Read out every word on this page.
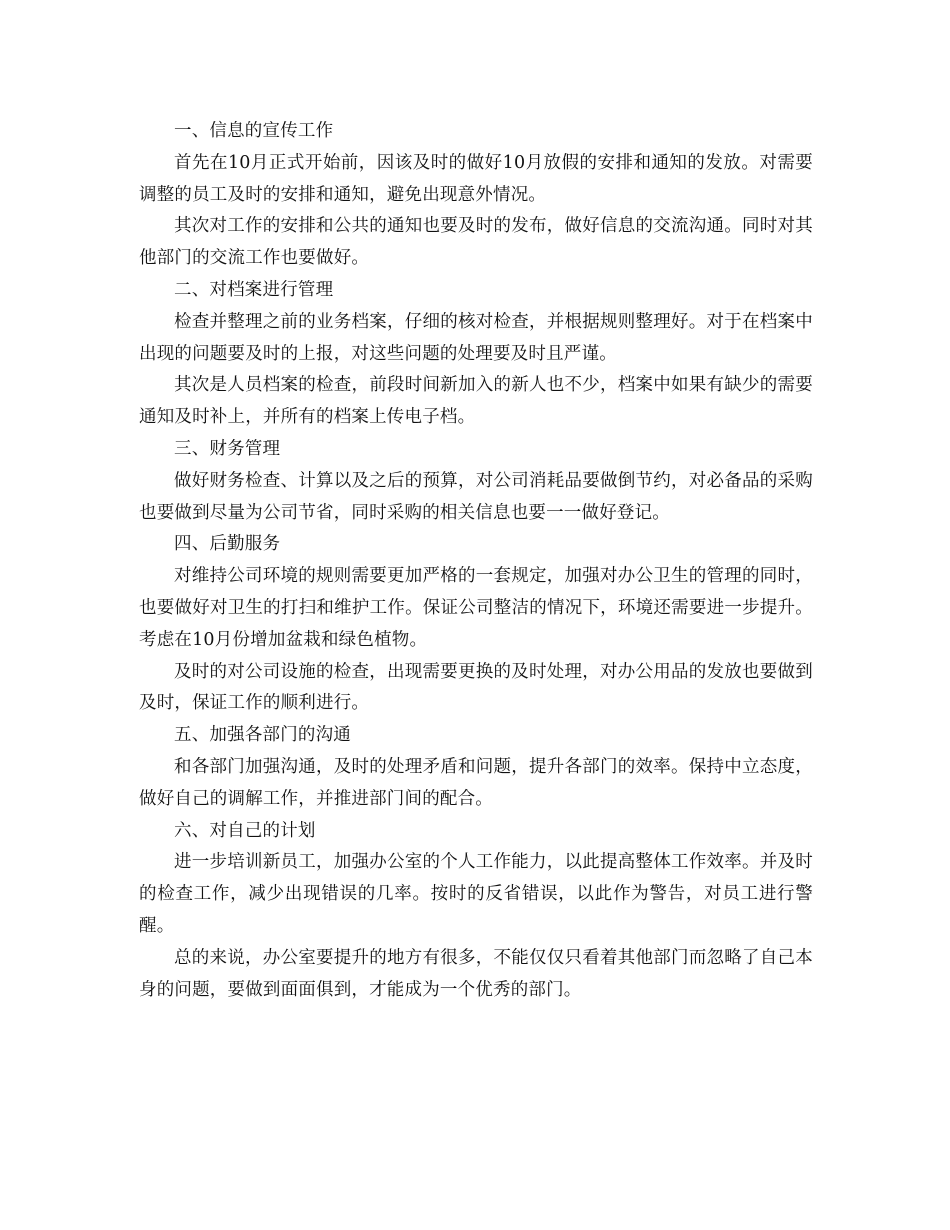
一、信息的宣传工作

首先在10月正式开始前，因该及时的做好10月放假的安排和通知的发放。对需要调整的员工及时的安排和通知，避免出现意外情况。

其次对工作的安排和公共的通知也要及时的发布，做好信息的交流沟通。同时对其他部门的交流工作也要做好。

二、对档案进行管理

检查并整理之前的业务档案，仔细的核对检查，并根据规则整理好。对于在档案中出现的问题要及时的上报，对这些问题的处理要及时且严谨。

其次是人员档案的检查，前段时间新加入的新人也不少，档案中如果有缺少的需要通知及时补上，并所有的档案上传电子档。

三、财务管理

做好财务检查、计算以及之后的预算，对公司消耗品要做倒节约，对必备品的采购也要做到尽量为公司节省，同时采购的相关信息也要一一做好登记。

四、后勤服务

对维持公司环境的规则需要更加严格的一套规定，加强对办公卫生的管理的同时，也要做好对卫生的打扫和维护工作。保证公司整洁的情况下，环境还需要进一步提升。考虑在10月份增加盆栽和绿色植物。

及时的对公司设施的检查，出现需要更换的及时处理，对办公用品的发放也要做到及时，保证工作的顺利进行。

五、加强各部门的沟通

和各部门加强沟通，及时的处理矛盾和问题，提升各部门的效率。保持中立态度，做好自己的调解工作，并推进部门间的配合。

六、对自己的计划

进一步培训新员工，加强办公室的个人工作能力，以此提高整体工作效率。并及时的检查工作，减少出现错误的几率。按时的反省错误，以此作为警告，对员工进行警醒。

总的来说，办公室要提升的地方有很多，不能仅仅只看着其他部门而忽略了自己本身的问题，要做到面面俱到，才能成为一个优秀的部门。
